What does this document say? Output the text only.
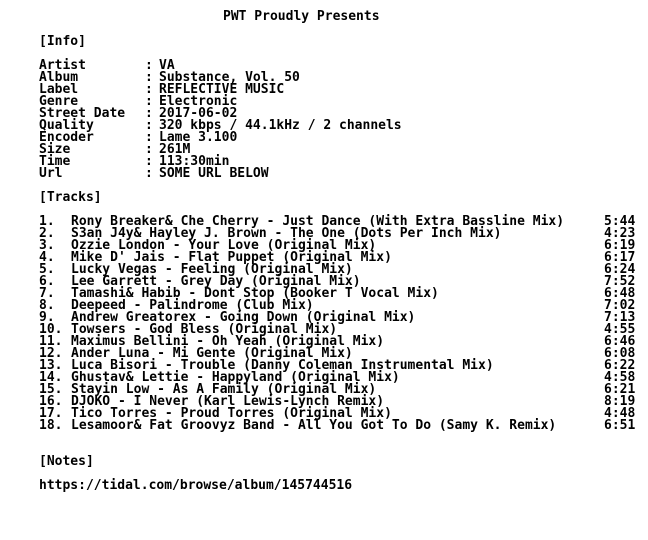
PWT Proudly Presents
[Info]
Artist	: VA
Album	: Substance, Vol. 50
Label	: REFLECTIVE MUSIC
Genre	: Electronic
Street Date : 2017-06-02
Quality	: 320 kbps / 44.1kHz / 2 channels
Encoder	: Lame 3.100
Size	: 261M
Time	: 113:30min
Url	: SOME URL BELOW
[Tracks]
1. Rony Breaker& Che Cherry - Just Dance (With Extra Bassline Mix)	5:44
2. S3an J4y& Hayley J. Brown - The One (Dots Per Inch Mix)	4:23
3. Ozzie London - Your Love (Original Mix)	6:19
4. Mike D' Jais - Flat Puppet (Original Mix)	6:17
5. Lucky Vegas - Feeling (Original Mix)	6:24
6. Lee Garrett - Grey Day (Original Mix)	7:52
7. Tamashi& Habib - Dont Stop (Booker T Vocal Mix)	6:48
8. Deepeed - Palindrome (Club Mix)	7:02
9. Andrew Greatorex - Going Down (Original Mix)	7:13
10. Towsers - God Bless (Original Mix)	4:55
11. Maximus Bellini - Oh Yeah (Original Mix)	6:46
12. Ander Luna - Mi Gente (Original Mix)	6:08
13. Luca Bisori - Trouble (Danny Coleman Instrumental Mix)	6:22
14. Ghustav& Lettie - Happyland (Original Mix)	4:58
15. Stayin Low - As A Family (Original Mix)	6:21
16. DJOKO - I Never (Karl Lewis-Lynch Remix)	8:19
17. Tico Torres - Proud Torres (Original Mix)	4:48
18. Lesamoor& Fat Groovyz Band - All You Got To Do (Samy K. Remix)	6:51
[Notes]
https://tidal.com/browse/album/145744516
